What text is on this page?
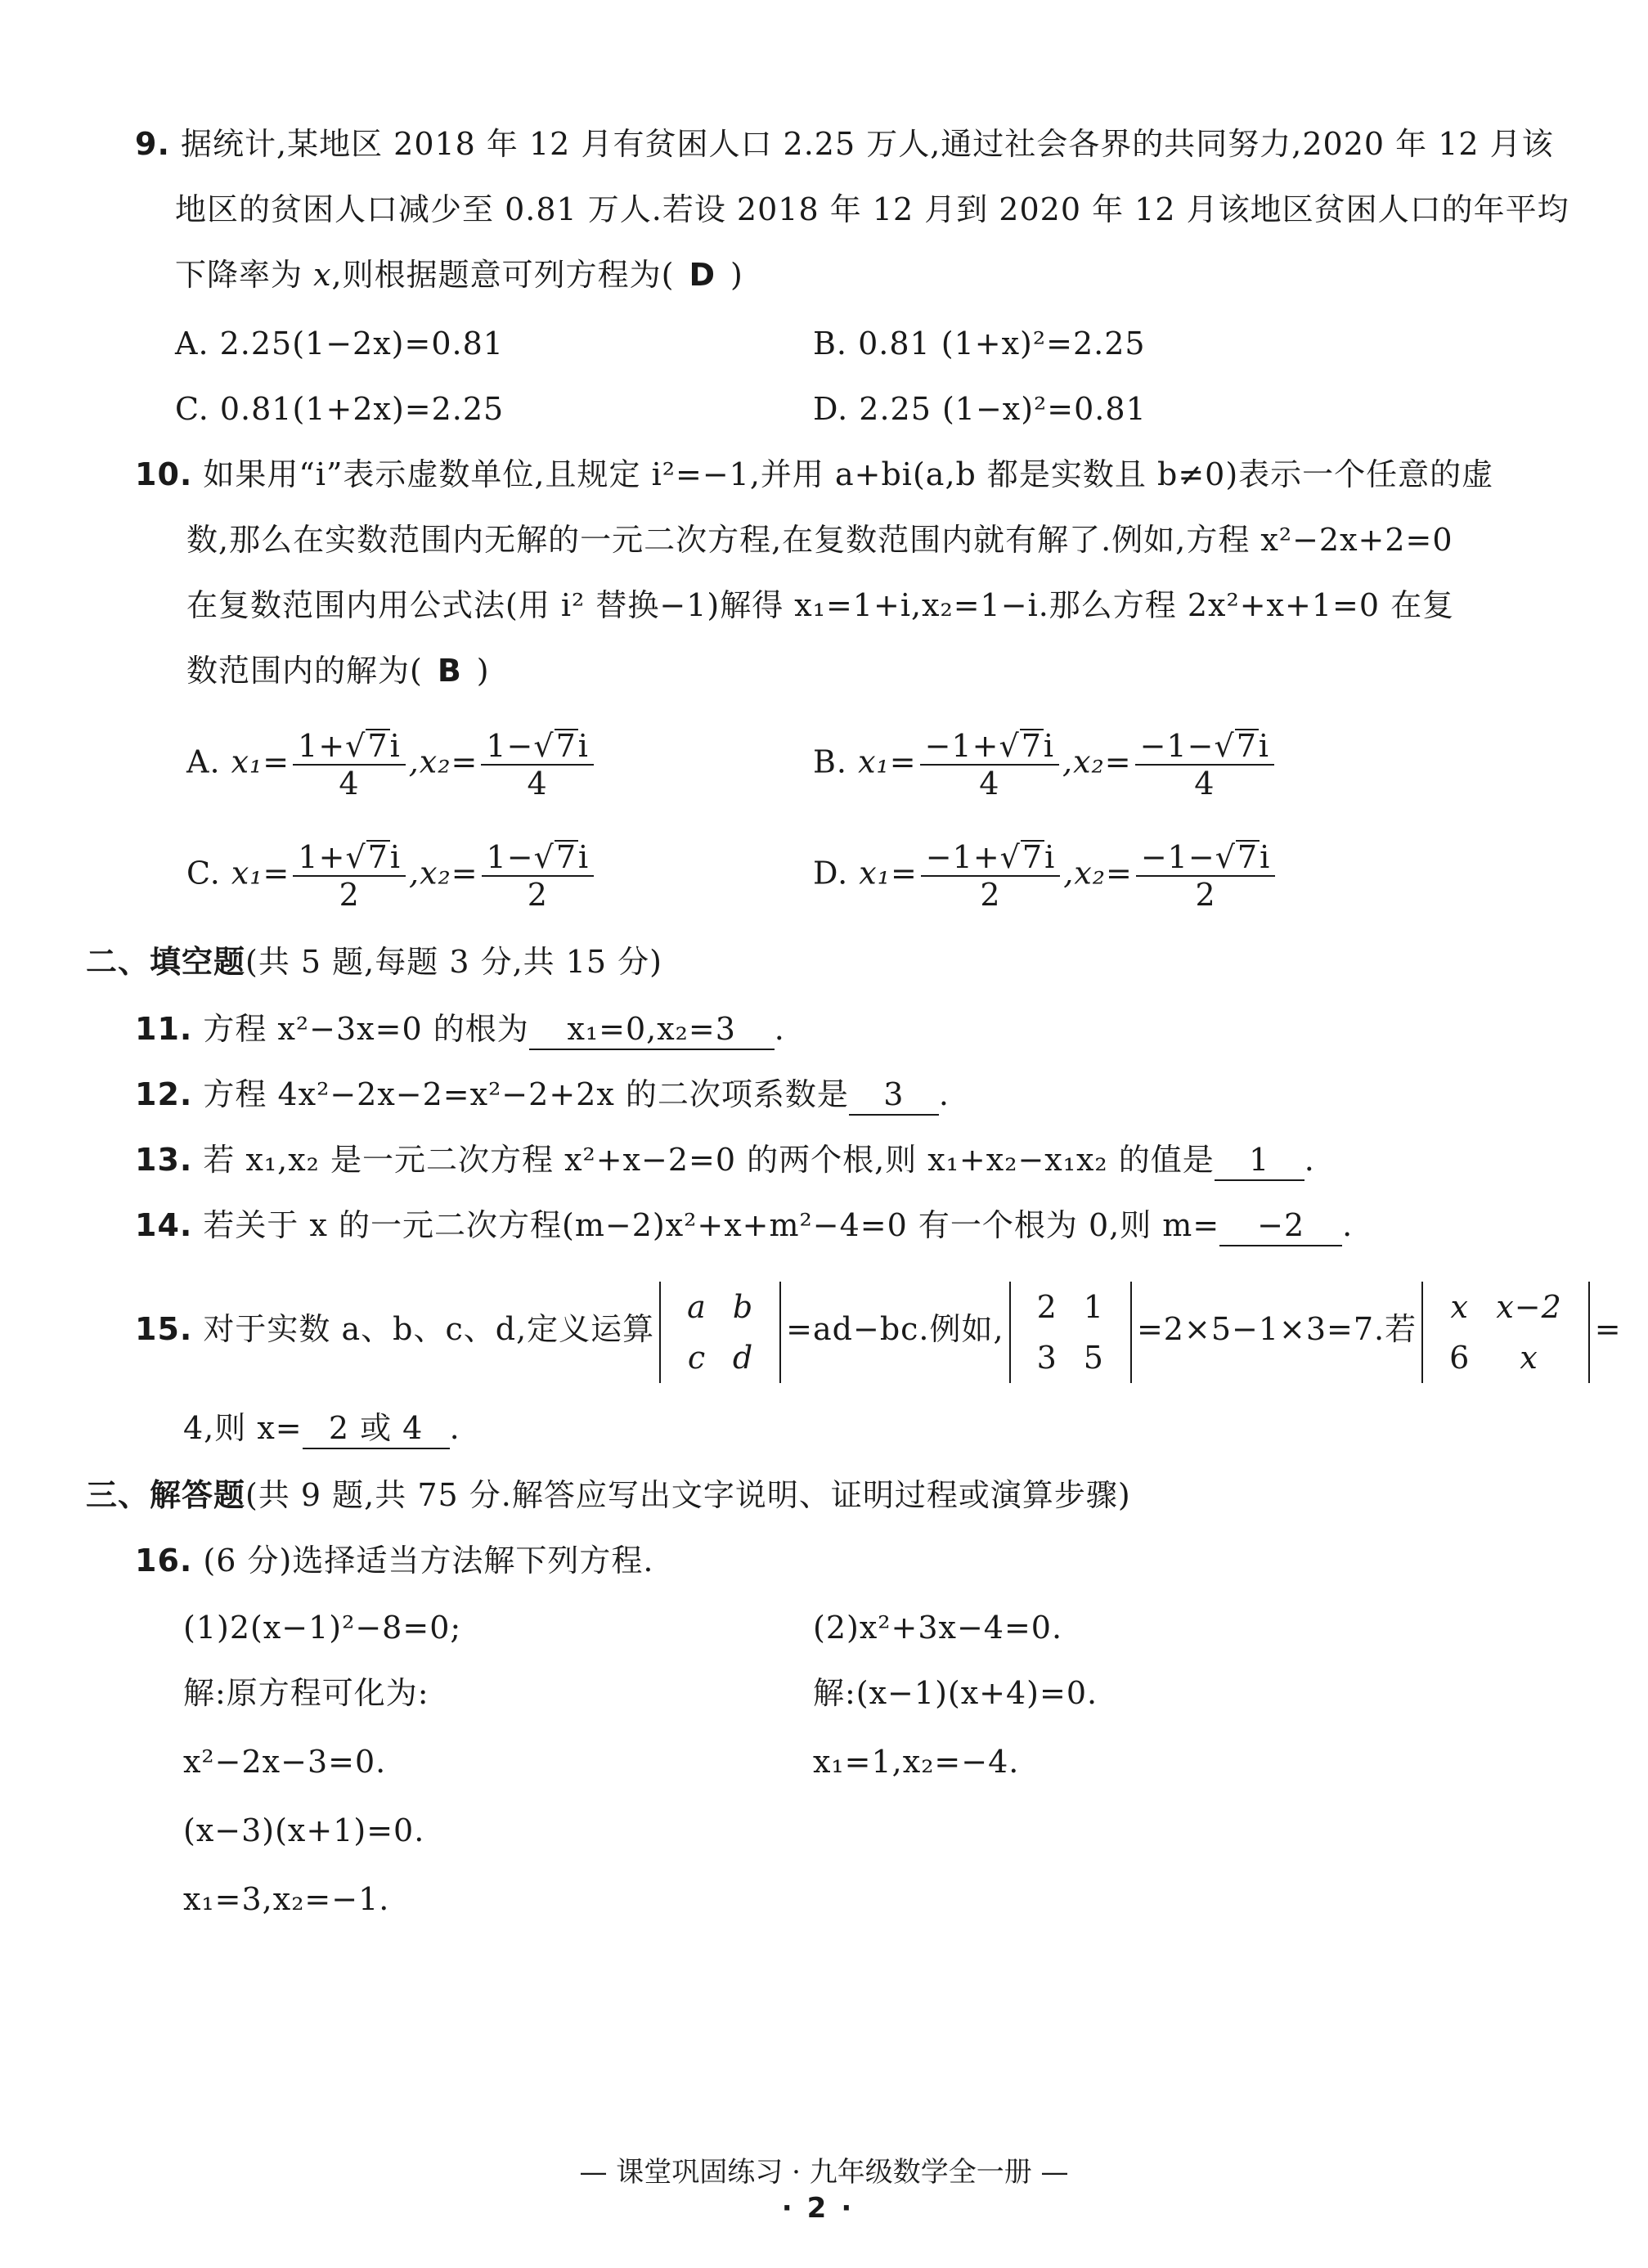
9. 据统计,某地区 2018 年 12 月有贫困人口 2.25 万人,通过社会各界的共同努力,2020 年 12 月该
地区的贫困人口减少至 0.81 万人.若设 2018 年 12 月到 2020 年 12 月该地区贫困人口的年平均
下降率为 x,则根据题意可列方程为( D )
A. 2.25(1−2x)=0.81	B. 0.81 (1+x)²=2.25
C. 0.81(1+2x)=2.25	D. 2.25 (1−x)²=0.81
10. 如果用“i”表示虚数单位,且规定 i²=−1,并用 a+bi(a,b 都是实数且 b≠0)表示一个任意的虚
数,那么在实数范围内无解的一元二次方程,在复数范围内就有解了.例如,方程 x²−2x+2=0
在复数范围内用公式法(用 i² 替换−1)解得 x₁=1+i,x₂=1−i.那么方程 2x²+x+1=0 在复
数范围内的解为( B )
A. $x_1= \frac{1+√7i}{4} ,x_2= \frac{1-√7i}{4}$	B. $x_1= \frac{-1+√7i}{4} ,x_2= \frac{-1-√7i}{4}$
C. $x_1= \frac{1+√7i}{2} ,x_2= \frac{1-√7i}{2}$	D. $x_1= \frac{-1+√7i}{2} ,x_2= \frac{-1-√7i}{2}$
二、填空题(共 5 题,每题 3 分,共 15 分)
11. 方程 x²−3x=0 的根为 x₁=0,x₂=3 .
12. 方程 4x²−2x−2=x²−2+2x 的二次项系数是 3 .
13. 若 x₁,x₂ 是一元二次方程 x²+x−2=0 的两个根,则 x₁+x₂−x₁x₂ 的值是 1 .
14. 若关于 x 的一元二次方程(m−2)x²+x+m²−4=0 有一个根为 0,则 m= −2 .
15. 对于实数 a、b、c、d,定义运算
a	b
c	d
=ad−bc.例如,
2	1
3	5
=2×5−1×3=7.若
x	x−2
6	x
=
4,则 x= 2 或 4 .
三、解答题(共 9 题,共 75 分.解答应写出文字说明、证明过程或演算步骤)
16. (6 分)选择适当方法解下列方程.
(1)2(x−1)²−8=0;	(2)x²+3x−4=0.
解:原方程可化为:	解:(x−1)(x+4)=0.
x²−2x−3=0.	x₁=1,x₂=−4.
(x−3)(x+1)=0.
x₁=3,x₂=−1.
— 课堂巩固练习 · 九年级数学全一册 —
·2·
